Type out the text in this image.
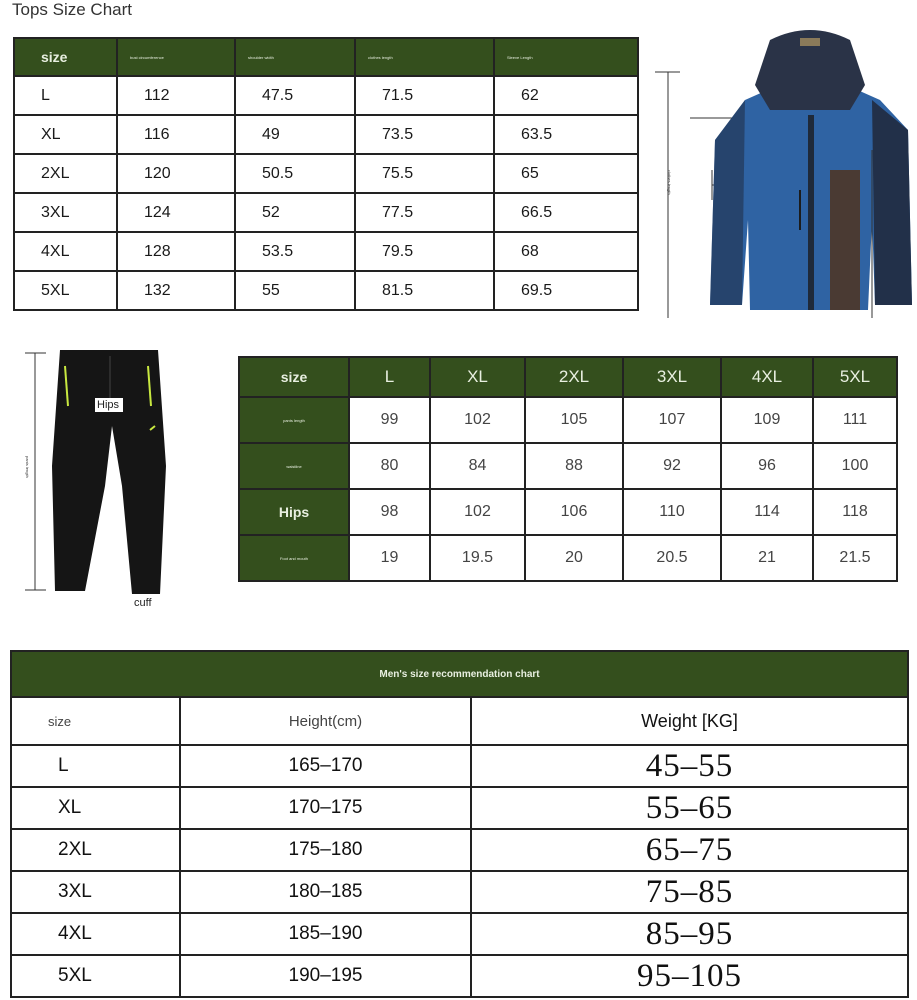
Tops Size Chart
size	bust circumference	shoulder width	clothes length	Sleeve Length
L	112	47.5	71.5	62
XL	116	49	73.5	63.5
2XL	120	50.5	75.5	65
3XL	124	52	77.5	66.5
4XL	128	53.5	79.5	68
5XL	132	55	81.5	69.5
clothes length
Hips
cuff
pants length
size	L	XL	2XL	3XL	4XL	5XL
pants length	99	102	105	107	109	111
waistline	80	84	88	92	96	100
Hips	98	102	106	110	114	118
Foot and mouth	19	19.5	20	20.5	21	21.5
Men's size recommendation chart		
size	Height(cm)	Weight [KG]
L	165–170	45–55
XL	170–175	55–65
2XL	175–180	65–75
3XL	180–185	75–85
4XL	185–190	85–95
5XL	190–195	95–105
